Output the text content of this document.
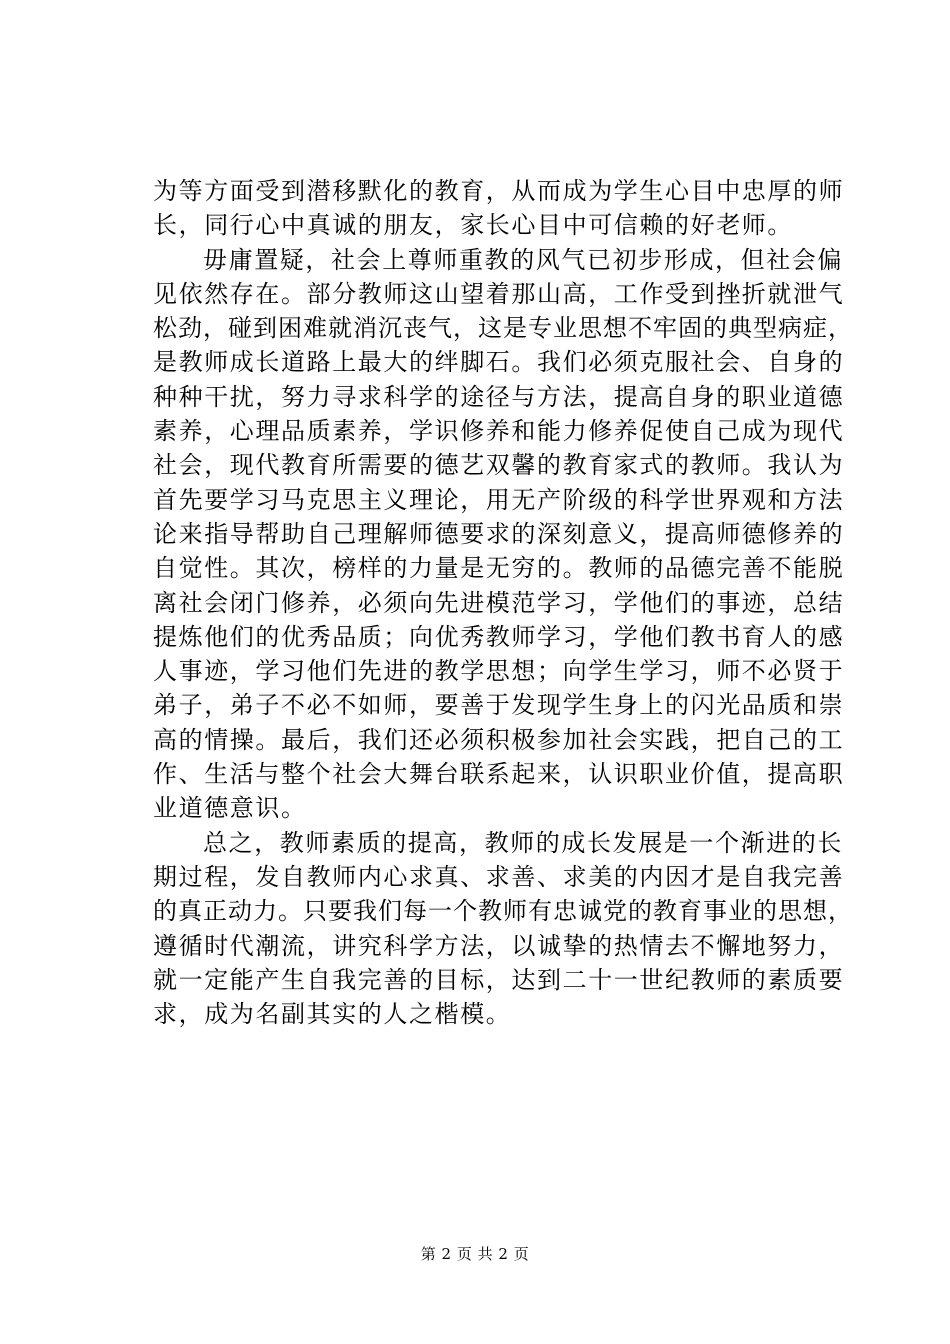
为等方面受到潜移默化的教育，从而成为学生心目中忠厚的师
长，同行心中真诚的朋友，家长心目中可信赖的好老师。
毋庸置疑，社会上尊师重教的风气已初步形成，但社会偏
见依然存在。部分教师这山望着那山高，工作受到挫折就泄气
松劲，碰到困难就消沉丧气，这是专业思想不牢固的典型病症，
是教师成长道路上最大的绊脚石。我们必须克服社会、自身的
种种干扰，努力寻求科学的途径与方法，提高自身的职业道德
素养，心理品质素养，学识修养和能力修养促使自己成为现代
社会，现代教育所需要的德艺双馨的教育家式的教师。我认为
首先要学习马克思主义理论，用无产阶级的科学世界观和方法
论来指导帮助自己理解师德要求的深刻意义，提高师德修养的
自觉性。其次，榜样的力量是无穷的。教师的品德完善不能脱
离社会闭门修养，必须向先进模范学习，学他们的事迹，总结
提炼他们的优秀品质；向优秀教师学习，学他们教书育人的感
人事迹，学习他们先进的教学思想；向学生学习，师不必贤于
弟子，弟子不必不如师，要善于发现学生身上的闪光品质和崇
高的情操。最后，我们还必须积极参加社会实践，把自己的工
作、生活与整个社会大舞台联系起来，认识职业价值，提高职
业道德意识。
总之，教师素质的提高，教师的成长发展是一个渐进的长
期过程，发自教师内心求真、求善、求美的内因才是自我完善
的真正动力。只要我们每一个教师有忠诚党的教育事业的思想，
遵循时代潮流，讲究科学方法，以诚挚的热情去不懈地努力，
就一定能产生自我完善的目标，达到二十一世纪教师的素质要
求，成为名副其实的人之楷模。
第 2 页 共 2 页
